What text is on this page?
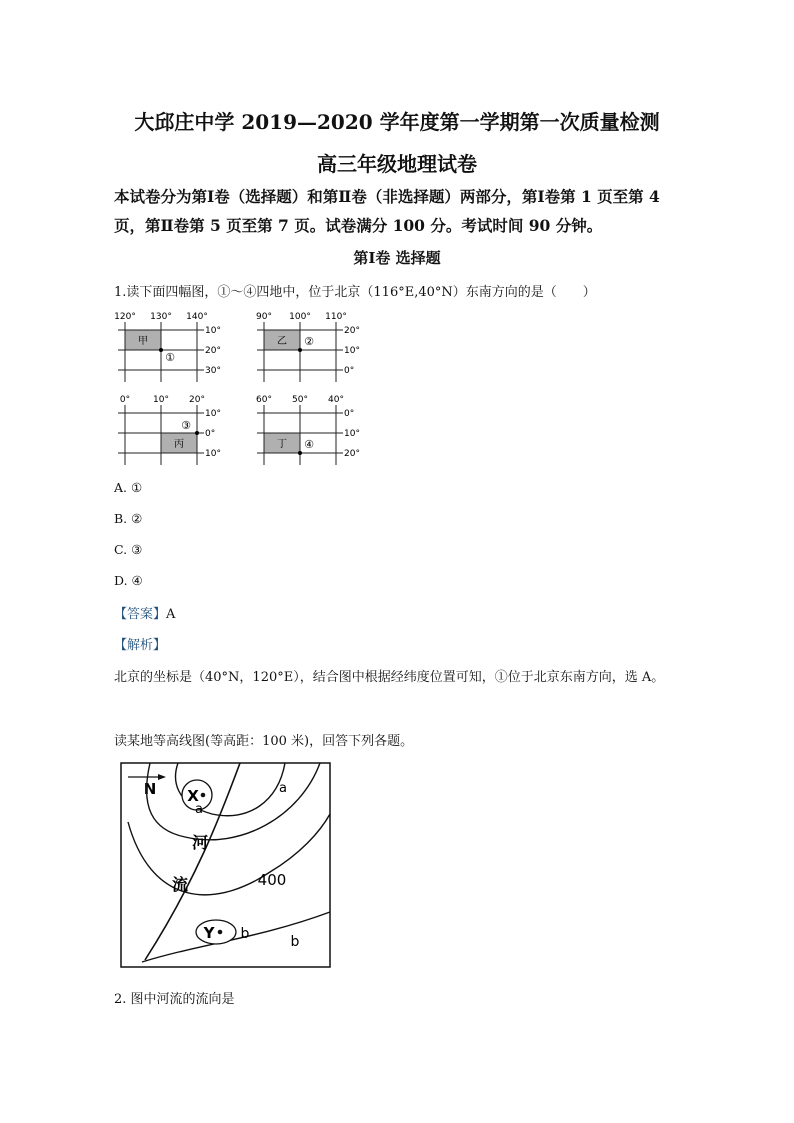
大邱庄中学 2019—2020 学年度第一学期第一次质量检测
高三年级地理试卷
本试卷分为第Ⅰ卷（选择题）和第Ⅱ卷（非选择题）两部分，第Ⅰ卷第 1 页至第 4
页，第Ⅱ卷第 5 页至第 7 页。试卷满分 100 分。考试时间 90 分钟。
第Ⅰ卷 选择题
1.读下面四幅图，①～④四地中，位于北京（116°E,40°N）东南方向的是（　　）
120° 130° 140°
10°
20°
30°
甲
①
90° 100° 110°
20°
10°
0°
乙 ②
0°	10° 20°
10°
0°
10°
丙
③
60° 50° 40°
0°
10°
20°
丁 ④
A. ①
B. ②
C. ③
D. ④
【答案】A
【解析】
北京的坐标是（40°N，120°E），结合图中根据经纬度位置可知，①位于北京东南方向，选 A。
读某地等高线图(等高距：100 米)，回答下列各题。
N X
a
a
河
流	400
Y b	b
2. 图中河流的流向是
